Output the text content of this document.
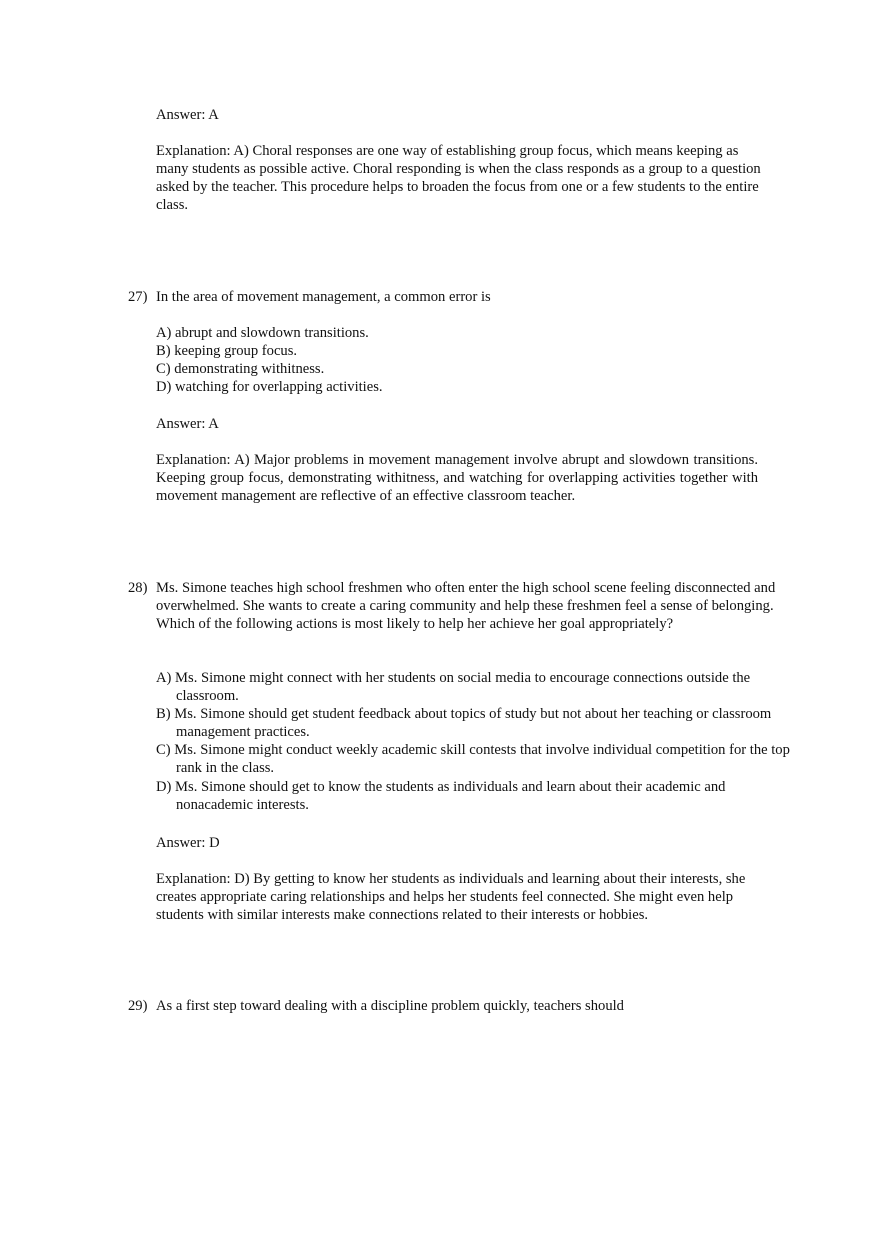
Answer: A
Explanation: A) Choral responses are one way of establishing group focus, which means keeping as many students as possible active. Choral responding is when the class responds as a group to a question asked by the teacher. This procedure helps to broaden the focus from one or a few students to the entire class.
27) In the area of movement management, a common error is
A) abrupt and slowdown transitions.
B) keeping group focus.
C) demonstrating withitness.
D) watching for overlapping activities.
Answer: A
Explanation: A) Major problems in movement management involve abrupt and slowdown transitions. Keeping group focus, demonstrating withitness, and watching for overlapping activities together with movement management are reflective of an effective classroom teacher.
28) Ms. Simone teaches high school freshmen who often enter the high school scene feeling disconnected and overwhelmed. She wants to create a caring community and help these freshmen feel a sense of belonging. Which of the following actions is most likely to help her achieve her goal appropriately?
A) Ms. Simone might connect with her students on social media to encourage connections outside the classroom.
B) Ms. Simone should get student feedback about topics of study but not about her teaching or classroom management practices.
C) Ms. Simone might conduct weekly academic skill contests that involve individual competition for the top rank in the class.
D) Ms. Simone should get to know the students as individuals and learn about their academic and nonacademic interests.
Answer: D
Explanation: D) By getting to know her students as individuals and learning about their interests, she creates appropriate caring relationships and helps her students feel connected. She might even help students with similar interests make connections related to their interests or hobbies.
29) As a first step toward dealing with a discipline problem quickly, teachers should
